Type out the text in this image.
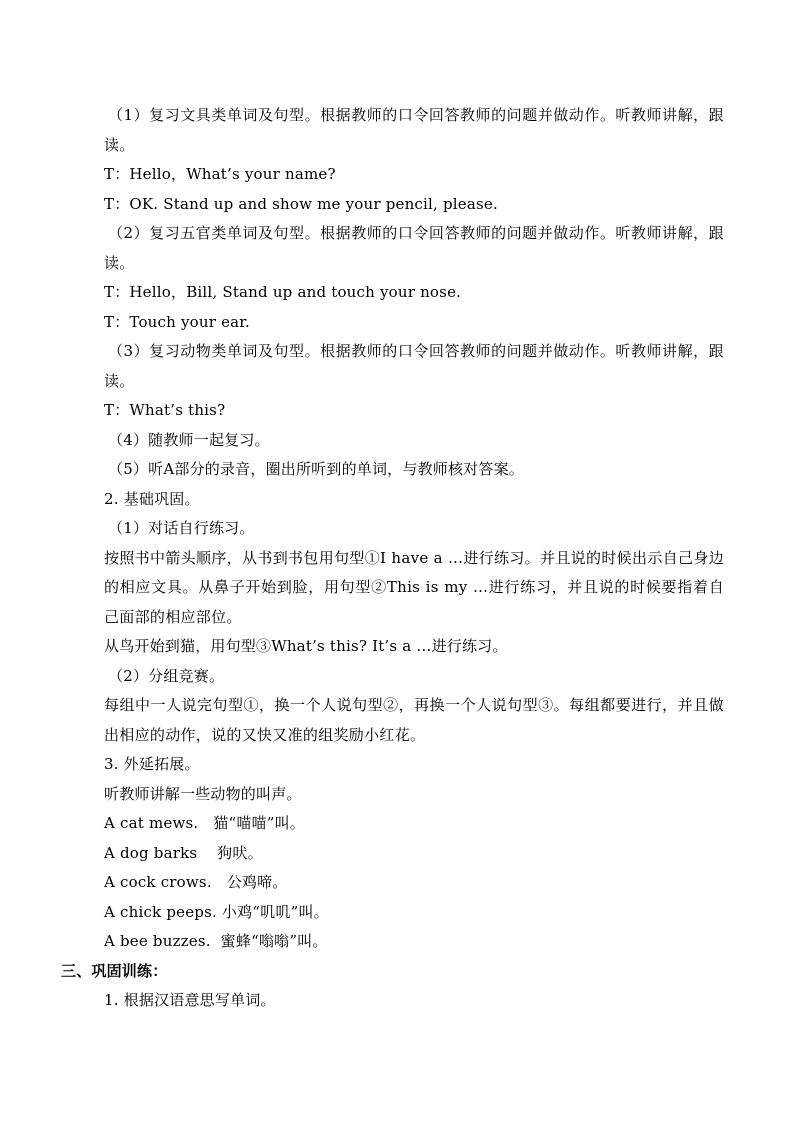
（1）复习文具类单词及句型。根据教师的口令回答教师的问题并做动作。听教师讲解，跟读。
T：Hello，What’s your name?
T：OK. Stand up and show me your pencil, please.
（2）复习五官类单词及句型。根据教师的口令回答教师的问题并做动作。听教师讲解，跟读。
T：Hello，Bill, Stand up and touch your nose.
T：Touch your ear.
（3）复习动物类单词及句型。根据教师的口令回答教师的问题并做动作。听教师讲解，跟读。
T：What’s this?
（4）随教师一起复习。
（5）听A部分的录音，圈出所听到的单词，与教师核对答案。
2. 基础巩固。
（1）对话自行练习。
按照书中箭头顺序，从书到书包用句型①I have a …进行练习。并且说的时候出示自己身边的相应文具。从鼻子开始到脸，用句型②This is my …进行练习，并且说的时候要指着自己面部的相应部位。
从鸟开始到猫，用句型③What’s this? It’s a …进行练习。
（2）分组竞赛。
每组中一人说完句型①，换一个人说句型②，再换一个人说句型③。每组都要进行，并且做出相应的动作，说的又快又准的组奖励小红花。
3. 外延拓展。
听教师讲解一些动物的叫声。
A cat mews.   猫“喵喵”叫。
A dog barks    狗吠。
A cock crows.   公鸡啼。
A chick peeps. 小鸡“叽叽”叫。
A bee buzzes.  蜜蜂“嗡嗡”叫。
三、巩固训练：
1. 根据汉语意思写单词。
